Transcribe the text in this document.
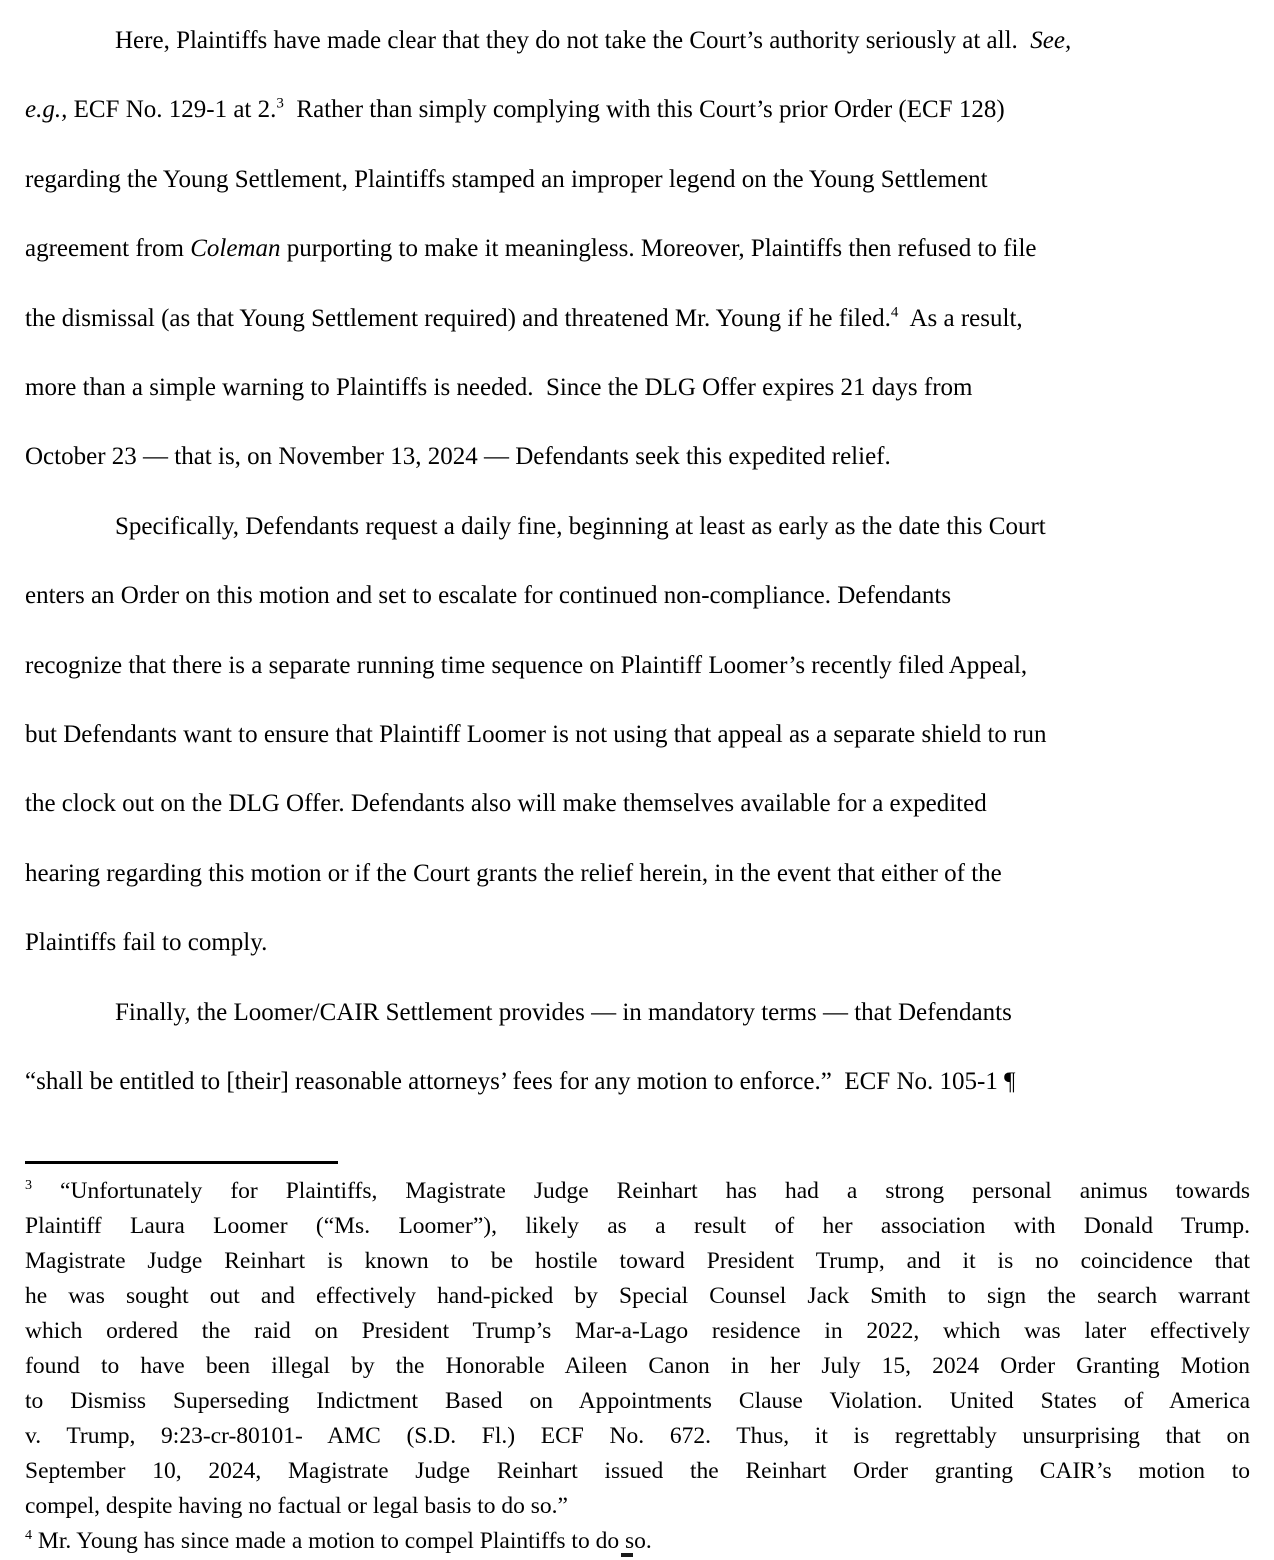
Here, Plaintiffs have made clear that they do not take the Court’s authority seriously at all.  See,
e.g., ECF No. 129-1 at 2.$^3$  Rather than simply complying with this Court’s prior Order (ECF 128)
regarding the Young Settlement, Plaintiffs stamped an improper legend on the Young Settlement
agreement from Coleman purporting to make it meaningless. Moreover, Plaintiffs then refused to file
the dismissal (as that Young Settlement required) and threatened Mr. Young if he filed.$^4$  As a result,
more than a simple warning to Plaintiffs is needed.  Since the DLG Offer expires 21 days from
October 23 — that is, on November 13, 2024 — Defendants seek this expedited relief.
Specifically, Defendants request a daily fine, beginning at least as early as the date this Court
enters an Order on this motion and set to escalate for continued non-compliance. Defendants
recognize that there is a separate running time sequence on Plaintiff Loomer’s recently filed Appeal,
but Defendants want to ensure that Plaintiff Loomer is not using that appeal as a separate shield to run
the clock out on the DLG Offer. Defendants also will make themselves available for a expedited
hearing regarding this motion or if the Court grants the relief herein, in the event that either of the
Plaintiffs fail to comply.
Finally, the Loomer/CAIR Settlement provides — in mandatory terms — that Defendants
“shall be entitled to [their] reasonable attorneys’ fees for any motion to enforce.”  ECF No. 105-1 ¶
$^3$ “Unfortunately for Plaintiffs, Magistrate Judge Reinhart has had a strong personal animus towards
Plaintiff Laura Loomer (“Ms. Loomer”), likely as a result of her association with Donald Trump.
Magistrate Judge Reinhart is known to be hostile toward President Trump, and it is no coincidence that
he was sought out and effectively hand-picked by Special Counsel Jack Smith to sign the search warrant
which ordered the raid on President Trump’s Mar-a-Lago residence in 2022, which was later effectively
found to have been illegal by the Honorable Aileen Canon in her July 15, 2024 Order Granting Motion
to Dismiss Superseding Indictment Based on Appointments Clause Violation. United States of America
v. Trump, 9:23-cr-80101- AMC (S.D. Fl.) ECF No. 672. Thus, it is regrettably unsurprising that on
September 10, 2024, Magistrate Judge Reinhart issued the Reinhart Order granting CAIR’s motion to
compel, despite having no factual or legal basis to do so.”
$^4$ Mr. Young has since made a motion to compel Plaintiffs to do so.
